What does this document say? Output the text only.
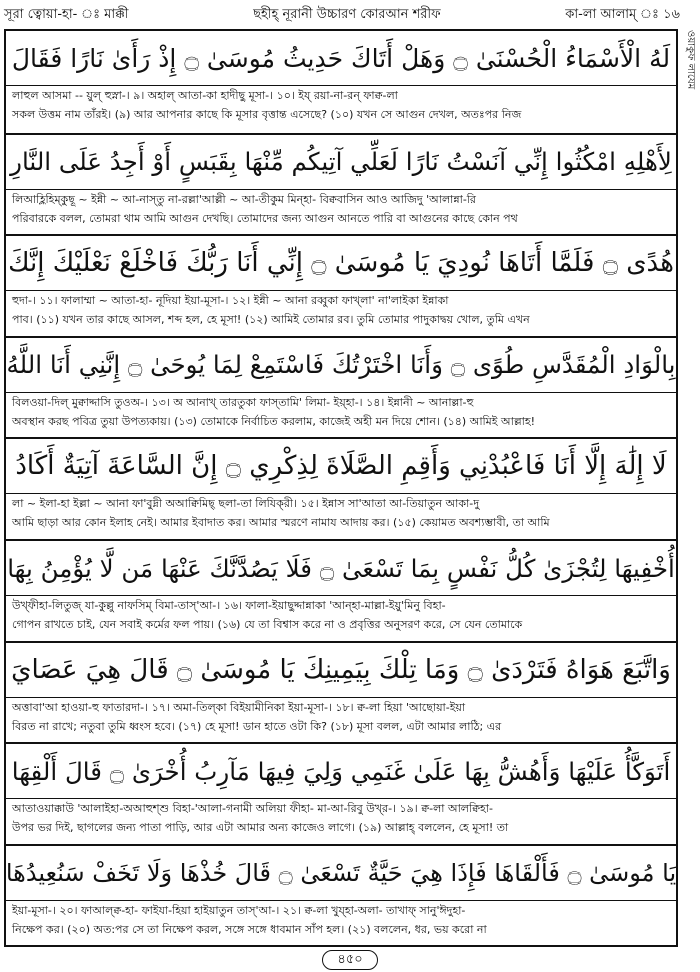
সূরা ত্বোয়া-হা- ঃ মাক্কী	ছহীহ্ নূরানী উচ্চারণ কোরআন শরীফ	কা-লা আলাম্ ঃ ১৬
ওয়াকুফ লাযেম
لَهُ الْأَسْمَاءُ الْحُسْنَىٰ ۝ وَهَلْ أَتَاكَ حَدِيثُ مُوسَىٰ ۝ إِذْ رَأَىٰ نَارًا فَقَالَ
লাহুল আসমা -- য়ুল্ হুস্না-। ৯। অহাল্ আতা-কা হাদীছু মূসা-। ১০। ইয্ রয়া-না-রন্ ফাক্ব-লা
সকল উত্তম নাম তাঁরই। (৯) আর আপনার কাছে কি মূসার বৃত্তান্ত এসেছে? (১০) যখন সে আগুন দেখল, অতঃপর নিজ
لِأَهْلِهِ امْكُثُوا إِنِّي آنَسْتُ نَارًا لَعَلِّي آتِيكُم مِّنْهَا بِقَبَسٍ أَوْ أَجِدُ عَلَى النَّارِ
লিআহ্লিহিম্কুছূ ~ ইন্নী ~ আ-নাস্‌তু না-রল্লা'আল্লী ~ আ-তীকুম মিন্হা- বিক্ববাসিন আও আজিদু 'আলান্না-রি
পরিবারকে বলল, তোমরা থাম আমি আগুন দেখছি। তোমাদের জন্য আগুন আনতে পারি বা আগুনের কাছে কোন পথ
هُدًى ۝ فَلَمَّا أَتَاهَا نُودِيَ يَا مُوسَىٰ ۝ إِنِّي أَنَا رَبُّكَ فَاخْلَعْ نَعْلَيْكَ إِنَّكَ
হুদা-। ১১। ফালাম্মা ~ আতা-হা- নূদিয়া ইয়া-মূসা-। ১২। ইন্নী ~ আনা রব্বুকা ফাখ্লা' না'লাইকা ইন্নাকা
পাব। (১১) যখন তার কাছে আসল, শব্দ হল, হে মূসা! (১২) আমিই তোমার রব। তুমি তোমার পাদুকাদ্বয় খোল, তুমি এখন
بِالْوَادِ الْمُقَدَّسِ طُوًى ۝ وَأَنَا اخْتَرْتُكَ فَاسْتَمِعْ لِمَا يُوحَىٰ ۝ إِنَّنِي أَنَا اللَّهُ
বিলওয়া-দিল্ মুক্বাদ্দাসি তুওঅ-। ১৩। অ আনাখ্ তারতুকা ফাস্‌তামি' লিমা- ইয়্হা-। ১৪। ইন্নানী ~ আনাল্লা-হু
অবস্থান করছ পবিত্র তুয়া উপত্যকায়। (১৩) তোমাকে নির্বাচিত করলাম, কাজেই অহী মন দিয়ে শোন। (১৪) আমিই আল্লাহ!
لَا إِلَٰهَ إِلَّا أَنَا فَاعْبُدْنِي وَأَقِمِ الصَّلَاةَ لِذِكْرِي ۝ إِنَّ السَّاعَةَ آتِيَةٌ أَكَادُ
লা ~ ইলা-হা ইল্লা ~ আনা ফা'বুদ্নী অআক্বিমিছ্ ছলা-তা লিযিক্‌রী। ১৫। ইন্নাস সা'আতা আ-তিয়াতুন আকা-দু
আমি ছাড়া আর কোন ইলাহ নেই। আমার ইবাদাত কর। আমার স্মরণে নামায আদায় কর। (১৫) কেয়ামত অবশ্যম্ভাবী, তা আমি
أُخْفِيهَا لِتُجْزَىٰ كُلُّ نَفْسٍ بِمَا تَسْعَىٰ ۝ فَلَا يَصُدَّنَّكَ عَنْهَا مَن لَّا يُؤْمِنُ بِهَا
উখ্‌ফীহা-লিতুজ্ যা-কুল্লু নাফসিম্ বিমা-তাস্'আ-। ১৬। ফালা-ইয়াছুদ্দান্নাকা 'আন্হা-মাল্লা-ইয়ু'মিনু বিহা-
গোপন রাখতে চাই, যেন সবাই কর্মের ফল পায়। (১৬) যে তা বিশ্বাস করে না ও প্রবৃত্তির অনুসরণ করে, সে যেন তোমাকে
وَاتَّبَعَ هَوَاهُ فَتَرْدَىٰ ۝ وَمَا تِلْكَ بِيَمِينِكَ يَا مُوسَىٰ ۝ قَالَ هِيَ عَصَايَ
অত্তাবা'আ হাওয়া-হু ফাতারদা-। ১৭। অমা-তিল্‌কা বিইয়ামীনিকা ইয়া-মূসা-। ১৮। ক্ব-লা হিয়া 'আছোয়া-ইয়া
বিরত না রাখে; নতুবা তুমি ধ্বংস হবে। (১৭) হে মূসা! ডান হাতে ওটা কি? (১৮) মূসা বলল, এটা আমার লাঠি; এর
أَتَوَكَّأُ عَلَيْهَا وَأَهُشُّ بِهَا عَلَىٰ غَنَمِي وَلِيَ فِيهَا مَآرِبُ أُخْرَىٰ ۝ قَالَ أَلْقِهَا
আতাওয়াক্কাউ 'আলাইহা-অআহুশ্‌শু বিহা-'আলা-গনামী অলিয়া ফীহা- মা-আ-রিবু উখ্‌র-। ১৯। ক্ব-লা আলক্বিহা-
উপর ভর দিই, ছাগলের জন্য পাতা পাড়ি, আর এটা আমার অন্য কাজেও লাগে। (১৯) আল্লাহ্ বললেন, হে মূসা! তা
يَا مُوسَىٰ ۝ فَأَلْقَاهَا فَإِذَا هِيَ حَيَّةٌ تَسْعَىٰ ۝ قَالَ خُذْهَا وَلَا تَخَفْ سَنُعِيدُهَا
ইয়া-মূসা-। ২০। ফাআল্‌ক্ব-হা- ফাইযা-হিয়া হাইয়াতুন তাস্'আ-। ২১। ক্ব-লা খুয্‌হা-অলা- তাখাফ্ সানু'ঈদুহা-
নিক্ষেপ কর। (২০) অত:পর সে তা নিক্ষেপ করল, সঙ্গে সঙ্গে ধাবমান সাঁপ হল। (২১) বললেন, ধর, ভয় করো না
৪৫০
